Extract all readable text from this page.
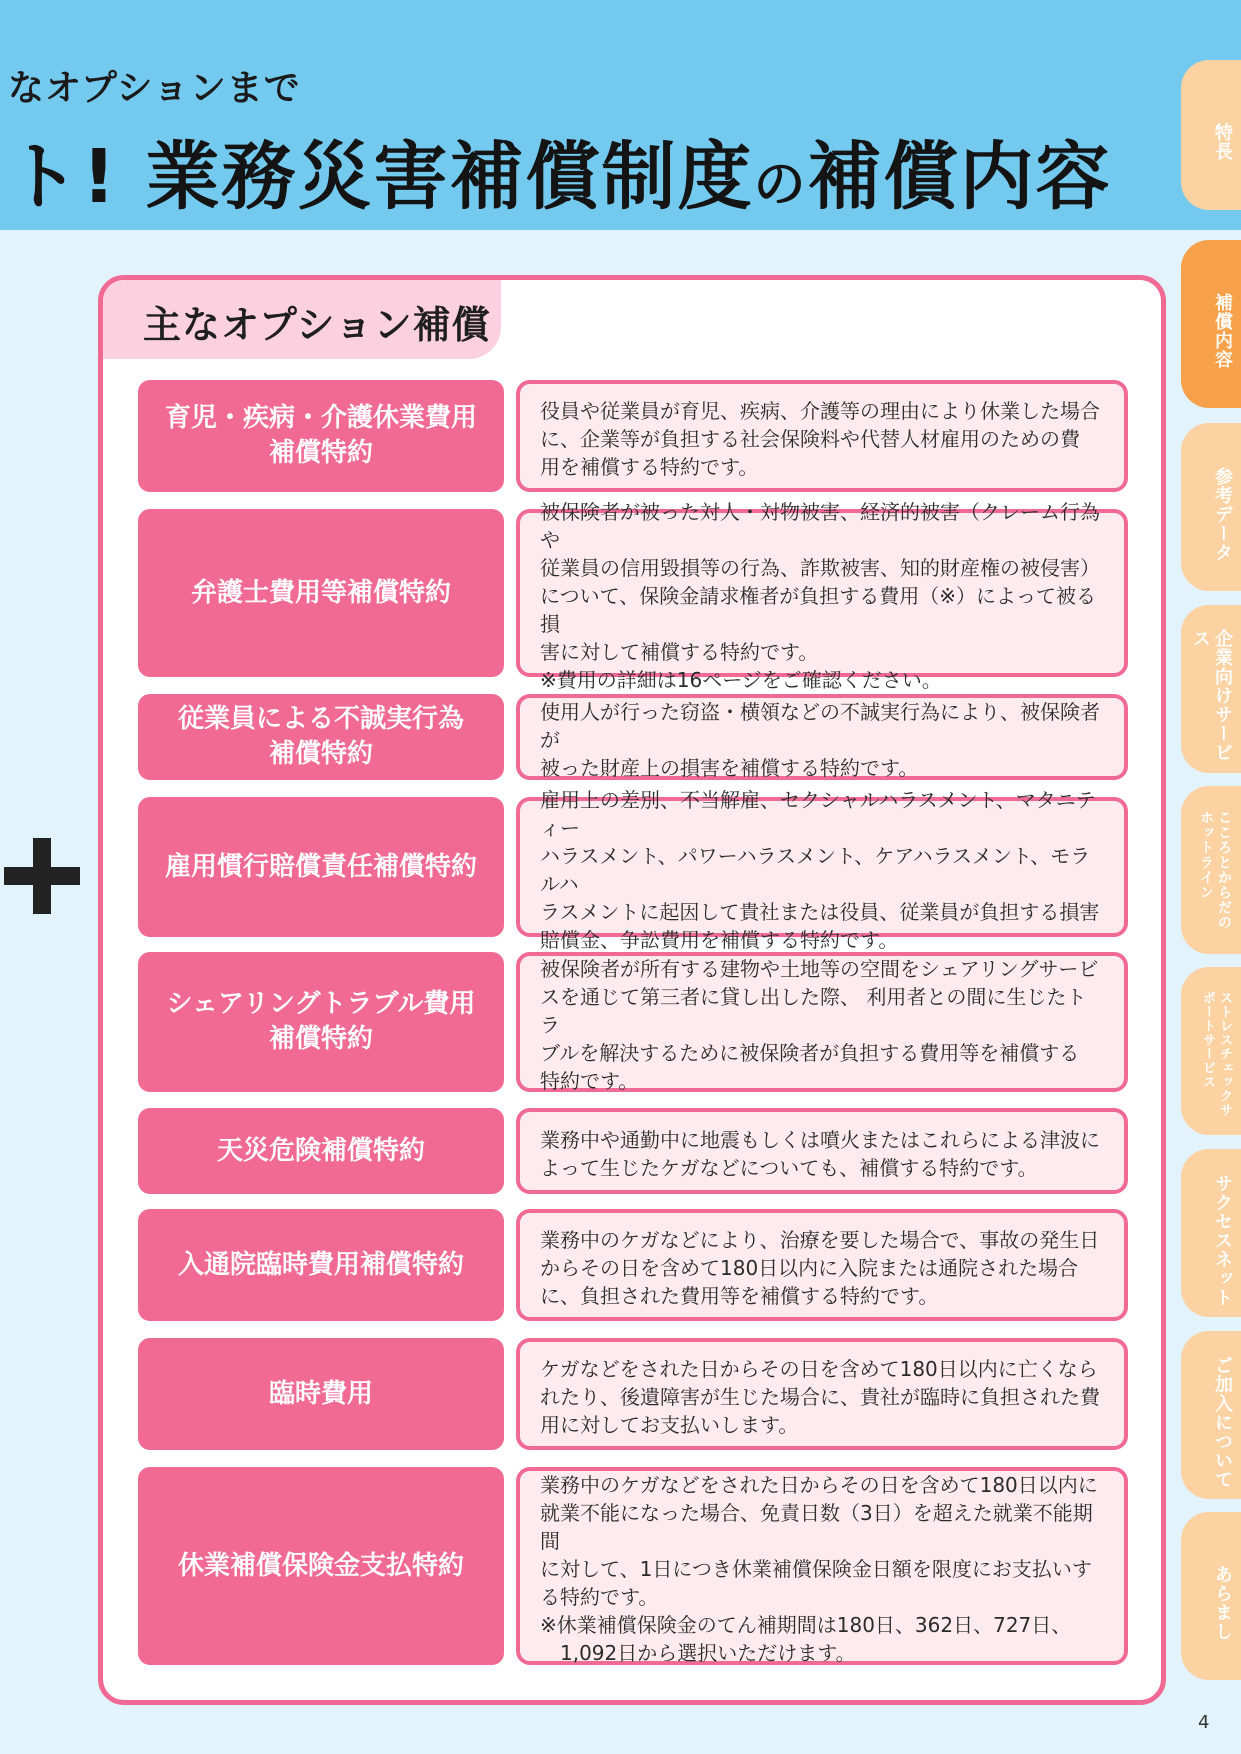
なオプションまで
ト! 業務災害補償制度の補償内容
主なオプション補償
育児・疾病・介護休業費用
補償特約
役員や従業員が育児、疾病、介護等の理由により休業した場合
に、企業等が負担する社会保険料や代替人材雇用のための費
用を補償する特約です。
弁護士費用等補償特約
被保険者が被った対人・対物被害、経済的被害（クレーム行為や
従業員の信用毀損等の行為、詐欺被害、知的財産権の被侵害）
について、保険金請求権者が負担する費用（※）によって被る損
害に対して補償する特約です。
※費用の詳細は16ページをご確認ください。
従業員による不誠実行為
補償特約
使用人が行った窃盗・横領などの不誠実行為により、被保険者が
被った財産上の損害を補償する特約です。
雇用慣行賠償責任補償特約
雇用上の差別、不当解雇、セクシャルハラスメント、マタニティー
ハラスメント、パワーハラスメント、ケアハラスメント、モラルハ
ラスメントに起因して貴社または役員、従業員が負担する損害
賠償金、争訟費用を補償する特約です。
シェアリングトラブル費用
補償特約
被保険者が所有する建物や土地等の空間をシェアリングサービ
スを通じて第三者に貸し出した際、 利用者との間に生じたトラ
ブルを解決するために被保険者が負担する費用等を補償する
特約です。
天災危険補償特約	業務中や通勤中に地震もしくは噴火またはこれらによる津波に
よって生じたケガなどについても、補償する特約です。
入通院臨時費用補償特約
業務中のケガなどにより、治療を要した場合で、事故の発生日
からその日を含めて180日以内に入院または通院された場合
に、負担された費用等を補償する特約です。
臨時費用
ケガなどをされた日からその日を含めて180日以内に亡くなら
れたり、後遺障害が生じた場合に、貴社が臨時に負担された費
用に対してお支払いします。
休業補償保険金支払特約
業務中のケガなどをされた日からその日を含めて180日以内に
就業不能になった場合、免責日数（3日）を超えた就業不能期間
に対して、1日につき休業補償保険金日額を限度にお支払いす
る特約です。
※休業補償保険金のてん補期間は180日、362日、727日、
　1,092日から選択いただけます。
特長
補償内容
参考データ
企業向けサービス
こころとからだのホットライン
ストレスチェックサポートサービス
サクセスネット
ご加入について
あらまし
4
